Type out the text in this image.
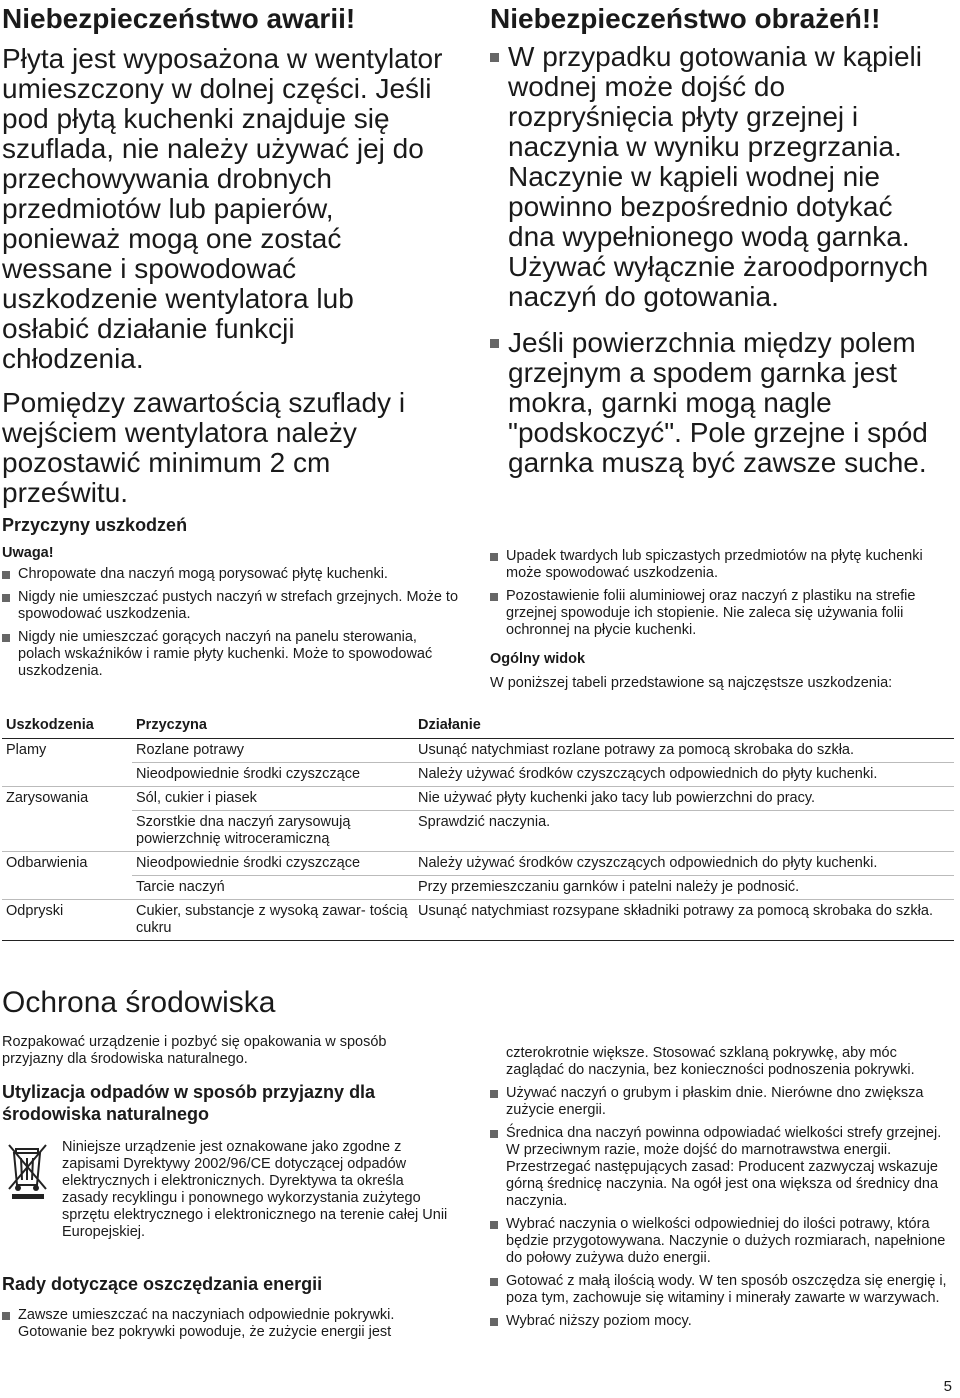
Niebezpieczeństwo awarii!
Płyta jest wyposażona w wentylator
umieszczony w dolnej części. Jeśli
pod płytą kuchenki znajduje się
szuflada, nie należy używać jej do
przechowywania drobnych
przedmiotów lub papierów,
ponieważ mogą one zostać
wessane i spowodować
uszkodzenie wentylatora lub
osłabić działanie funkcji
chłodzenia.
Pomiędzy zawartością szuflady i
wejściem wentylatora należy
pozostawić minimum 2 cm
prześwitu.
Niebezpieczeństwo obrażeń!!
W przypadku gotowania w kąpieli
wodnej może dojść do
rozpryśnięcia płyty grzejnej i
naczynia w wyniku przegrzania.
Naczynie w kąpieli wodnej nie
powinno bezpośrednio dotykać
dna wypełnionego wodą garnka.
Używać wyłącznie żaroodpornych
naczyń do gotowania.
Jeśli powierzchnia między polem
grzejnym a spodem garnka jest
mokra, garnki mogą nagle
"podskoczyć". Pole grzejne i spód
garnka muszą być zawsze suche.
Przyczyny uszkodzeń
Uwaga!
Chropowate dna naczyń mogą porysować płytę kuchenki.
Nigdy nie umieszczać pustych naczyń w strefach grzejnych. Może to spowodować uszkodzenia.
Nigdy nie umieszczać gorących naczyń na panelu sterowania, polach wskaźników i ramie płyty kuchenki. Może to spowodować uszkodzenia.
Upadek twardych lub spiczastych przedmiotów na płytę kuchenki może spowodować uszkodzenia.
Pozostawienie folii aluminiowej oraz naczyń z plastiku na strefie grzejnej spowoduje ich stopienie. Nie zaleca się używania folii ochronnej na płycie kuchenki.
Ogólny widok
W poniższej tabeli przedstawione są najczęstsze uszkodzenia:
Uszkodzenia	Przyczyna	Działanie
Plamy	Rozlane potrawy	Usunąć natychmiast rozlane potrawy za pomocą skrobaka do szkła.
	Nieodpowiednie środki czyszczące	Należy używać środków czyszczących odpowiednich do płyty kuchenki.
Zarysowania	Sól, cukier i piasek	Nie używać płyty kuchenki jako tacy lub powierzchni do pracy.
	Szorstkie dna naczyń zarysowują powierzchnię witroceramiczną	Sprawdzić naczynia.
Odbarwienia	Nieodpowiednie środki czyszczące	Należy używać środków czyszczących odpowiednich do płyty kuchenki.
	Tarcie naczyń	Przy przemieszczaniu garnków i patelni należy je podnosić.
Odpryski	Cukier, substancje z wysoką zawar- tością cukru	Usunąć natychmiast rozsypane składniki potrawy za pomocą skrobaka do szkła.
Ochrona środowiska
Rozpakować urządzenie i pozbyć się opakowania w sposób przyjazny dla środowiska naturalnego.
Utylizacja odpadów w sposób przyjazny dla środowiska naturalnego
Niniejsze urządzenie jest oznakowane jako zgodne z zapisami Dyrektywy 2002/96/CE dotyczącej odpadów elektrycznych i elektronicznych. Dyrektywa ta określa zasady recyklingu i ponownego wykorzystania zużytego sprzętu elektrycznego i elektronicznego na terenie całej Unii Europejskiej.
Rady dotyczące oszczędzania energii
Zawsze umieszczać na naczyniach odpowiednie pokrywki. Gotowanie bez pokrywki powoduje, że zużycie energii jest
czterokrotnie większe. Stosować szklaną pokrywkę, aby móc zaglądać do naczynia, bez konieczności podnoszenia pokrywki.
Używać naczyń o grubym i płaskim dnie. Nierówne dno zwiększa zużycie energii.
Średnica dna naczyń powinna odpowiadać wielkości strefy grzejnej. W przeciwnym razie, może dojść do marnotrawstwa energii. Przestrzegać następujących zasad: Producent zazwyczaj wskazuje górną średnicę naczynia. Na ogół jest ona większa od średnicy dna naczynia.
Wybrać naczynia o wielkości odpowiedniej do ilości potrawy, która będzie przygotowywana. Naczynie o dużych rozmiarach, napełnione do połowy zużywa dużo energii.
Gotować z małą ilością wody. W ten sposób oszczędza się energię i, poza tym, zachowuje się witaminy i minerały zawarte w warzywach.
Wybrać niższy poziom mocy.
5
